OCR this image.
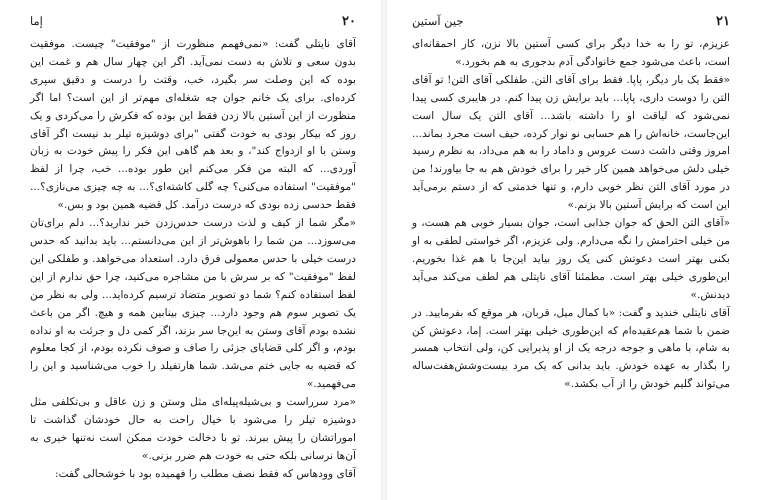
۲۰
إما

آقای نایتلی گفت: «نمی‌فهمم منظورت از "موفقیت" چیست. موفقیت بدون سعی و تلاش به دست نمی‌آید. اگر این چهار سال هم و غمت این بوده که این وصلت سر بگیرد، خب، وقتت را درست و دقیق سپری کرده‌ای. برای یک خانم جوان چه شغله‌ای مهم‌تر از این است؟ اما اگر منظورت از این آستین بالا زدن فقط این بوده که فکرش را می‌کردی و یک روز که بیکار بودی به خودت گفتی "برای دوشیزه تیلر بد نیست اگر آقای وستن با او ازدواج کند"، و بعد هم گاهی این فکر را پیش خودت به زبان آوردی... که البته من فکر می‌کنم این طور بوده... خب، چرا از لفظ "موفقیت" استفاده می‌کنی؟ چه گلی کاشته‌ای؟... به چه چیزی می‌نازی؟... فقط حدسی زده بودی که درست درآمد. کل قضیه همین بود و بس.»

«مگر شما از کیف و لذت درست حدس‌زدن خبر ندارید؟... دلم برای‌تان می‌سوزد... من شما را باهوش‌تر از این می‌دانستم... باید بدانید که حدس درست خیلی با حدس معمولی فرق دارد. استعداد می‌خواهد. و طفلکی این لفظ "موفقیت" که بر سرش با من مشاجره می‌کنید، چرا حق ندارم از این لفظ استفاده کنم؟ شما دو تصویر متضاد ترسیم کرده‌اید... ولی به نظر من یک تصویر سوم هم وجود دارد... چیزی بینابین همه و هیچ. اگر من باعث نشده بودم آقای وستن به این‌جا سر بزند، اگر کمی دل و جرئت به او نداده بودم، و اگر کلی قضایای جزئی را صاف و صوف نکرده بودم، از کجا معلوم که قضیه به جایی ختم می‌شد. شما هارتفیلد را خوب می‌شناسید و این را می‌فهمید.»

«مرد سرراست و بی‌شیله‌پیله‌ای مثل وستن و زن عاقل و بی‌تکلفی مثل دوشیزه تیلر را می‌شود با خیال راحت به حال خودشان گذاشت تا اموراتشان را پیش ببرند. تو با دخالت خودت ممکن است نه‌تنها خیری به آن‌ها نرسانی بلکه حتی به خودت هم ضرر بزنی.»

آقای وودهاس که فقط نصف مطلب را فهمیده بود با خوشحالی گفت:

۲۱
جین آستین

عزیزم، تو را به خدا دیگر برای کسی آستین بالا نزن، کار احمقانه‌ای است، باعث می‌شود جمع خانوادگی آدم بدجوری به هم بخورد.»

«فقط یک بار دیگر، پاپا. فقط برای آقای التن. طفلکی آقای التن! تو آقای التن را دوست داری، پاپا... باید برایش زن پیدا کنم. در هایبری کسی پیدا نمی‌شود که لیاقت او را داشته باشد... آقای التن یک سال است این‌جاست، خانه‌اش را هم حسابی نو نوار کرده، حیف است مجرد بماند... امروز وقتی داشت دست عروس و داماد را به هم می‌داد، به نظرم رسید خیلی دلش می‌خواهد همین کار خیر را برای خودش هم به جا بیاورند! من در مورد آقای التن نظر خوبی دارم، و تنها خدمتی که از دستم برمی‌آید این است که برایش آستین بالا بزنم.»

«آقای التن الحق که جوان جذابی است، جوان بسیار خوبی هم هست، و من خیلی احترامش را نگه می‌دارم. ولی عزیزم، اگر خواستی لطفی به او بکنی بهتر است دعوتش کنی یک روز بیاید این‌جا با هم غذا بخوریم. این‌طوری خیلی بهتر است. مطمئنا آقای نایتلی هم لطف می‌کند می‌آید دیدنش.»

آقای نایتلی خندید و گفت: «با کمال میل، قربان، هر موقع که بفرمایید. در ضمن با شما هم‌عقیده‌ام که این‌طوری خیلی بهتر است. إما، دعوتش کن به شام، با ماهی و جوجه درجه یک از او پذیرایی کن، ولی انتخاب همسر را بگذار به عهده خودش. باید بدانی که یک مرد بیست‌وشش‌هفت‌ساله می‌تواند گلیم خودش را از آب بکشد.»
